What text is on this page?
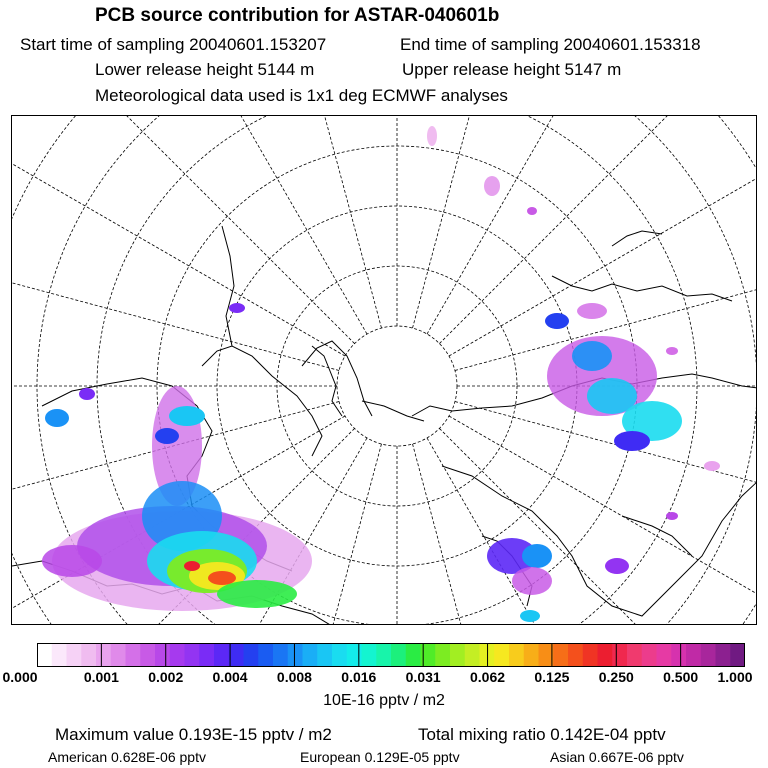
PCB source contribution for ASTAR-040601b
Start time of sampling 20040601.153207	End time of sampling 20040601.153318
Lower release height 5144 m	Upper release height 5147 m
Meteorological data used is 1x1 deg ECMWF analyses
0.000	0.001 0.002 0.004 0.008 0.016 0.031 0.062 0.125 0.250 0.500 1.000
10E-16 pptv / m2
Maximum value 0.193E-15 pptv / m2	Total mixing ratio 0.142E-04 pptv
American 0.628E-06 pptv	European 0.129E-05 pptv	Asian 0.667E-06 pptv
